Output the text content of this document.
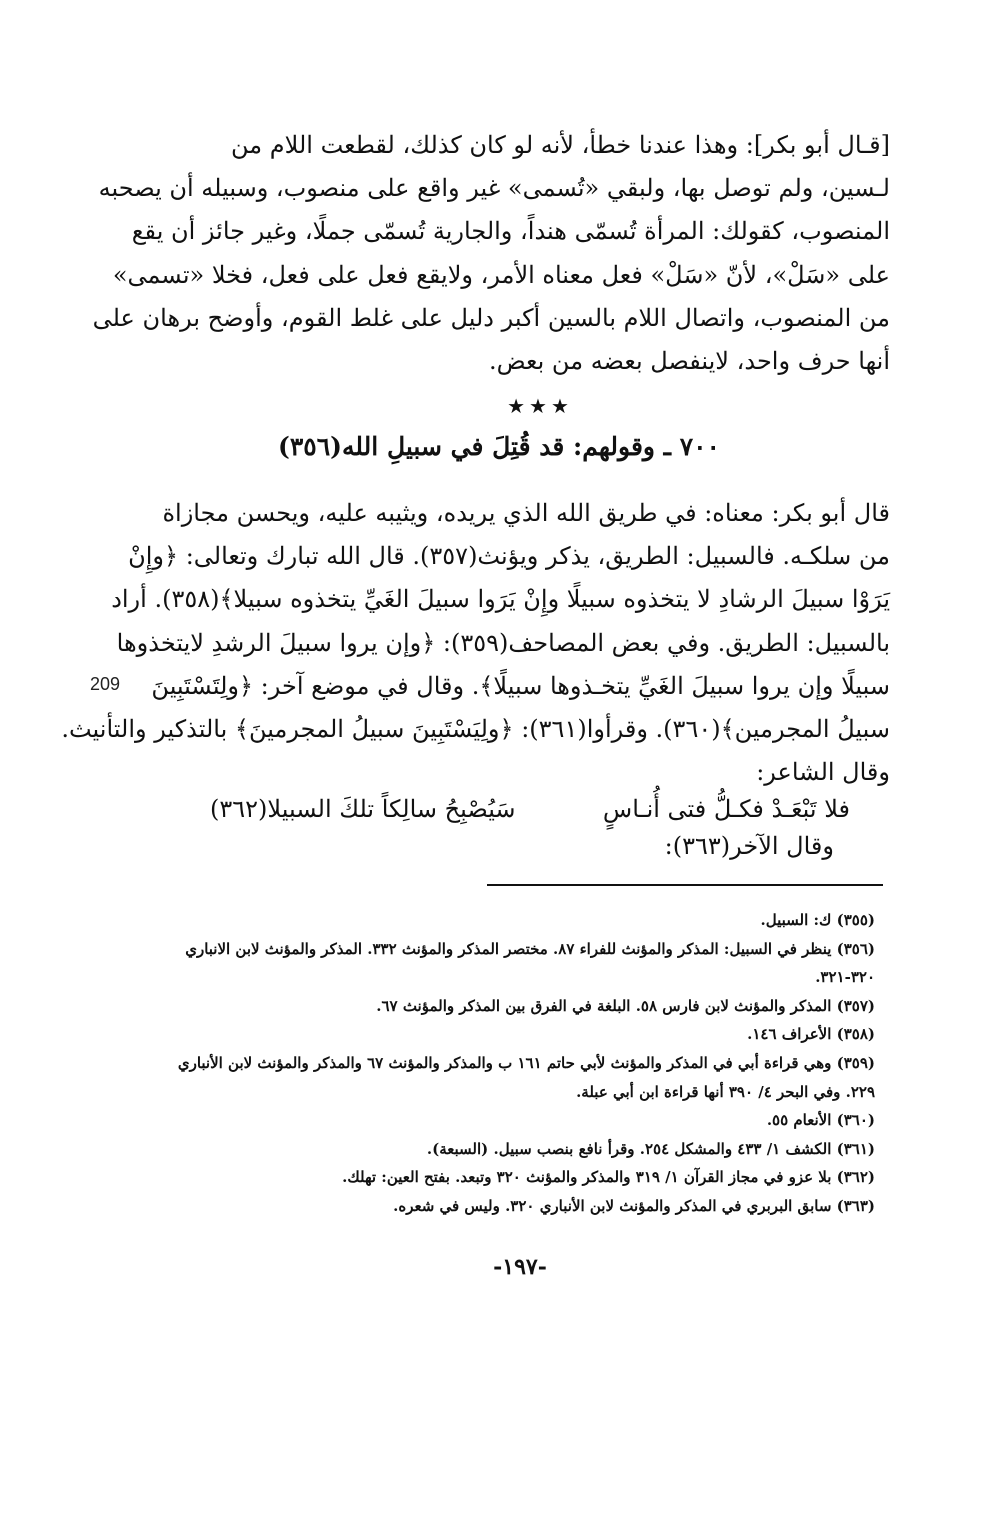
[قـال أبو بكر]: وهذا عندنا خطأ، لأنه لو كان كذلك، لقطعت اللام من
لـسين، ولم توصل بها، ولبقي «تُسمى» غير واقع على منصوب، وسبيله أن يصحبه
المنصوب، كقولك: المرأة تُسمّى هنداً، والجارية تُسمّى جملًا، وغير جائز أن يقع
على «سَلْ»، لأنّ «سَلْ» فعل معناه الأمر، ولايقع فعل على فعل، فخلا «تسمى»
من المنصوب، واتصال اللام بالسين أكبر دليل على غلط القوم، وأوضح برهان على
أنها حرف واحد، لاينفصل بعضه من بعض.
★★★
٧٠٠ ـ وقولهم: قد قُتِلَ في سبيلِ الله(٣٥٦)
قال أبو بكر: معناه: في طريق الله الذي يريده، ويثيبه عليه، ويحسن مجازاة
من سلكـه. فالسبيل: الطريق، يذكر ويؤنث(٣٥٧). قال الله تبارك وتعالى: ﴿وإِنْ
يَرَوْا سبيلَ الرشادِ لا يتخذوه سبيلًا وإِنْ يَرَوا سبيلَ الغَيِّ يتخذوه سبيلا﴾(٣٥٨). أراد
بالسبيل: الطريق. وفي بعض المصاحف(٣٥٩): ﴿وإن يروا سبيلَ الرشدِ لايتخذوها
سبيلًا وإن يروا سبيلَ الغَيِّ يتخـذوها سبيلًا﴾. وقال في موضع آخر: ﴿ولِتَسْتَبِينَ
سبيلُ المجرمين﴾(٣٦٠). وقرأوا(٣٦١): ﴿ولِيَسْتَبِينَ سبيلُ المجرمينَ﴾ بالتذكير والتأنيث.
وقال الشاعر:
فلا تَبْعَـدْ فكـلُّ فتى أُنـاسٍ
سَيُصْبِحُ سالِكاً تلكَ السبيلا(٣٦٢)
وقال الآخر(٣٦٣):
(٣٥٥) ك: السبيل.
(٣٥٦) ينظر في السبيل: المذكر والمؤنث للفراء ٨٧. مختصر المذكر والمؤنث ٣٣٢. المذكر والمؤنث لابن الانباري
٣٢٠-٣٢١.
(٣٥٧) المذكر والمؤنث لابن فارس ٥٨. البلغة في الفرق بين المذكر والمؤنث ٦٧.
(٣٥٨) الأعراف ١٤٦.
(٣٥٩) وهي قراءة أبي في المذكر والمؤنث لأبي حاتم ١٦١ ب والمذكر والمؤنث ٦٧ والمذكر والمؤنث لابن الأنباري
٢٢٩. وفي البحر ٤/ ٣٩٠ أنها قراءة ابن أبي عبلة.
(٣٦٠) الأنعام ٥٥.
(٣٦١) الكشف ١/ ٤٣٣ والمشكل ٢٥٤. وقرأ نافع بنصب سبيل. (السبعة).
(٣٦٢) بلا عزو في مجاز القرآن ١/ ٣١٩ والمذكر والمؤنث ٣٢٠ وتبعد. بفتح العين: تهلك.
(٣٦٣) سابق البربري في المذكر والمؤنث لابن الأنباري ٣٢٠. وليس في شعره.
209
-١٩٧-
